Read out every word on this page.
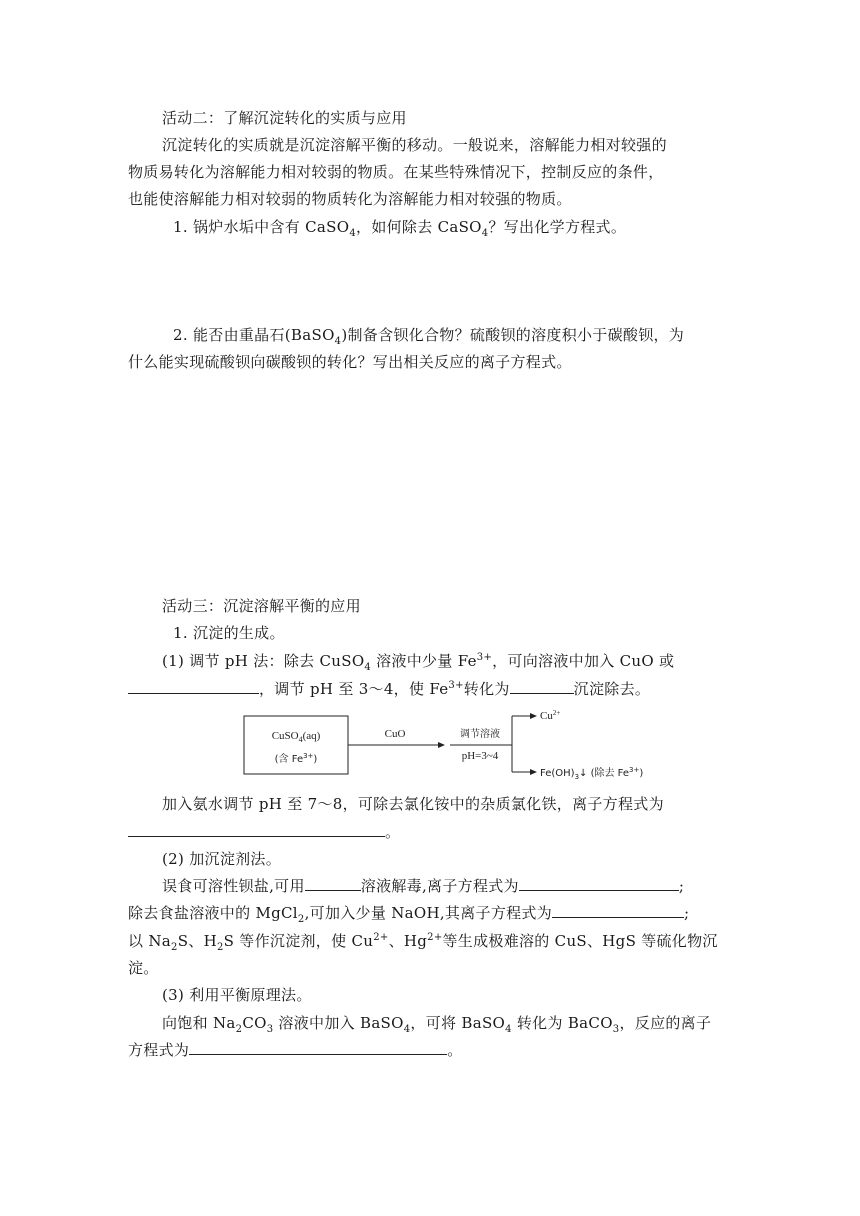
活动二：了解沉淀转化的实质与应用
沉淀转化的实质就是沉淀溶解平衡的移动。一般说来，溶解能力相对较强的
物质易转化为溶解能力相对较弱的物质。在某些特殊情况下，控制反应的条件，
也能使溶解能力相对较弱的物质转化为溶解能力相对较强的物质。
1. 锅炉水垢中含有 CaSO$_4$，如何除去 CaSO$_4$？写出化学方程式。
2. 能否由重晶石(BaSO$_4$)制备含钡化合物？硫酸钡的溶度积小于碳酸钡，为
什么能实现硫酸钡向碳酸钡的转化？写出相关反应的离子方程式。
活动三：沉淀溶解平衡的应用
1. 沉淀的生成。
(1) 调节 pH 法：除去 CuSO$_4$ 溶液中少量 $Fe^{3+}$，可向溶液中加入 CuO 或
，调节 pH 至 3～4，使 $Fe^{3+}$转化为	沉淀除去。
CuSO$_4$(aq)
(含 $Fe^{3+}$)
CuO	调节溶液
pH=3~4
$Cu^{2+}$
$Fe(OH)_3↓$ (除去 $Fe^{3+}$)
加入氨水调节 pH 至 7～8，可除去氯化铵中的杂质氯化铁，离子方程式为
。
(2) 加沉淀剂法。
误食可溶性钡盐,可用	溶液解毒,离子方程式为	;
除去食盐溶液中的 MgCl$_2$,可加入少量 NaOH,其离子方程式为	;
以 $Na_2S$、$H_2S$ 等作沉淀剂，使 $Cu^{2+}$、$Hg^{2+}$等生成极难溶的 CuS、HgS 等硫化物沉
淀。
(3) 利用平衡原理法。
向饱和 $Na_2CO_3$ 溶液中加入 BaSO$_4$，可将 BaSO$_4$ 转化为 BaCO$_3$，反应的离子
方程式为	。
